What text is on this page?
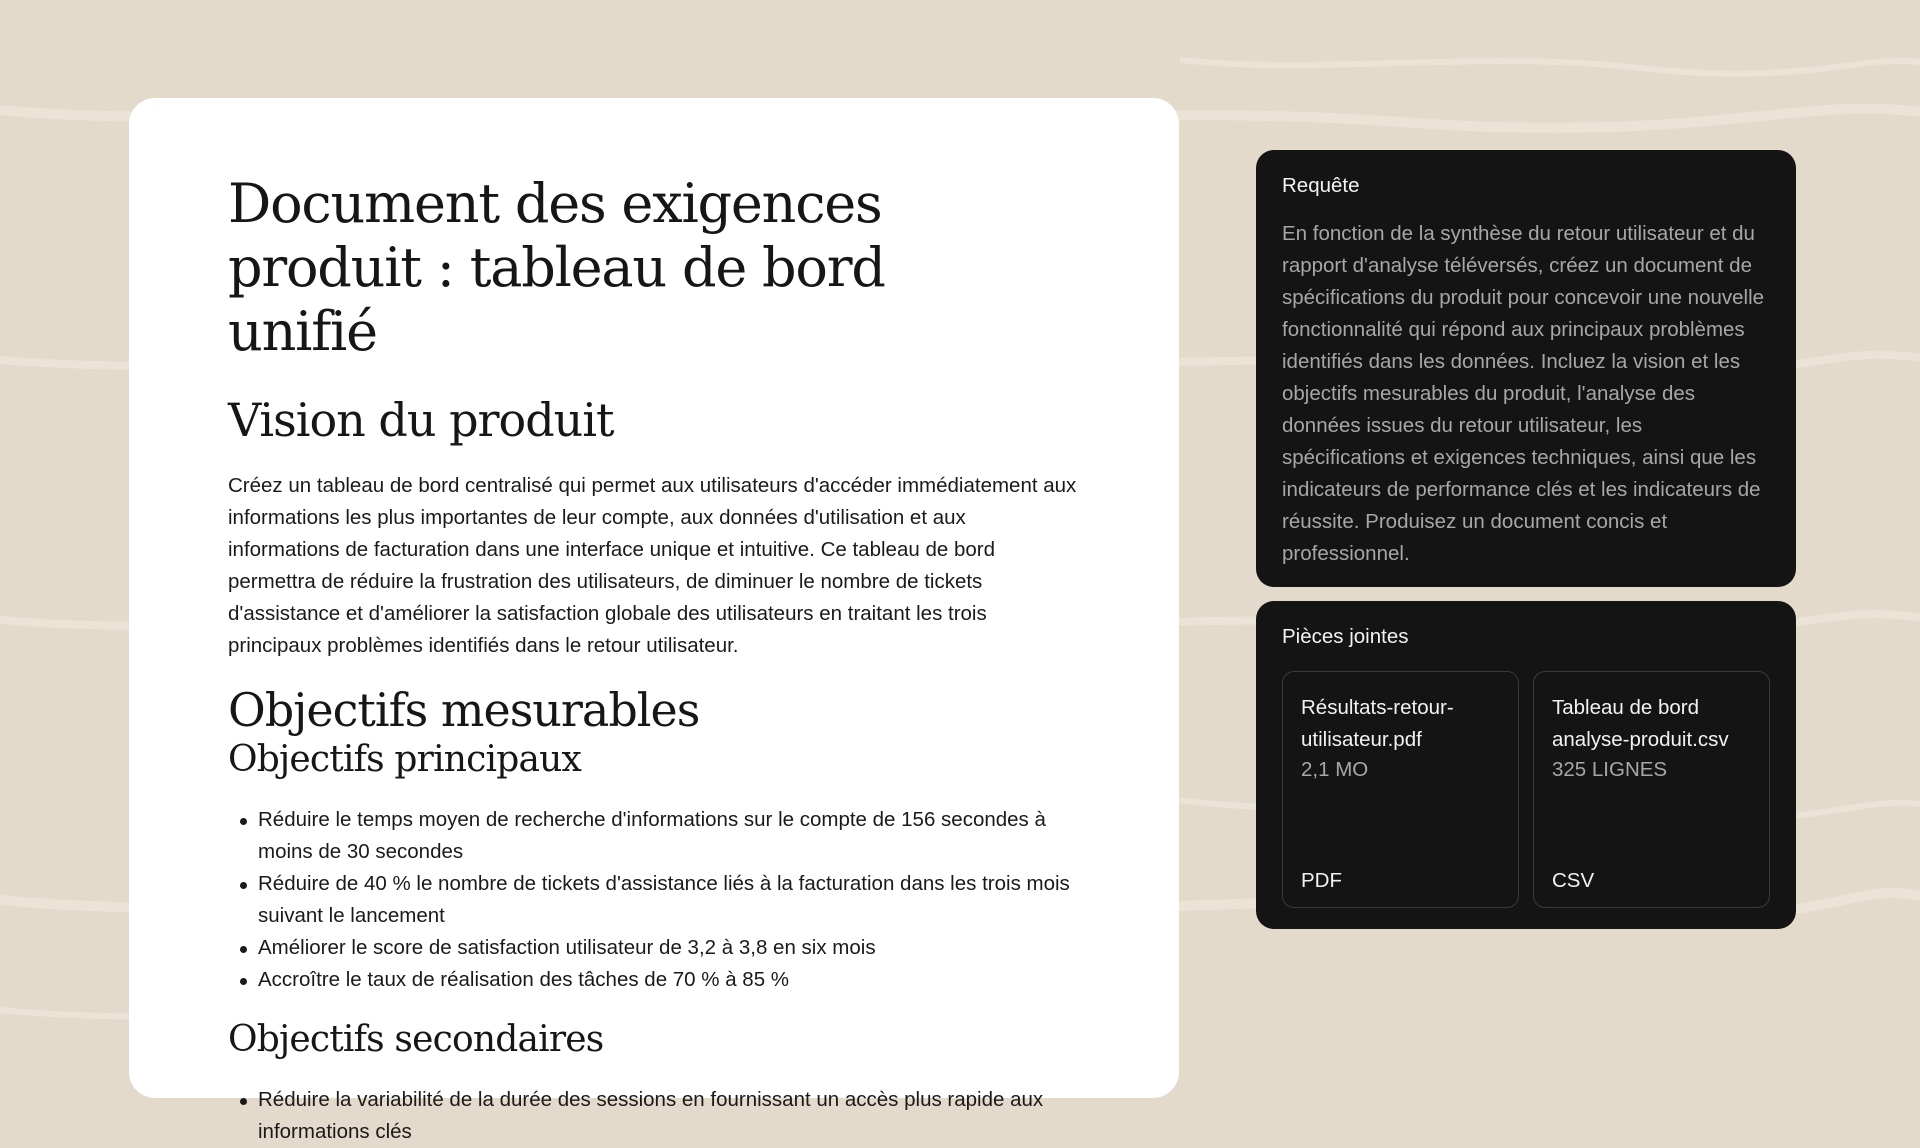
Document des exigences produit : tableau de bord unifié
Vision du produit

Créez un tableau de bord centralisé qui permet aux utilisateurs d'accéder immédiatement aux informations les plus importantes de leur compte, aux données d'utilisation et aux informations de facturation dans une interface unique et intuitive. Ce tableau de bord permettra de réduire la frustration des utilisateurs, de diminuer le nombre de tickets d'assistance et d'améliorer la satisfaction globale des utilisateurs en traitant les trois principaux problèmes identifiés dans le retour utilisateur.

Objectifs mesurables
Objectifs principaux
Réduire le temps moyen de recherche d'informations sur le compte de 156 secondes à moins de 30 secondes
Réduire de 40 % le nombre de tickets d'assistance liés à la facturation dans les trois mois suivant le lancement
Améliorer le score de satisfaction utilisateur de 3,2 à 3,8 en six mois
Accroître le taux de réalisation des tâches de 70 % à 85 %
Objectifs secondaires
Réduire la variabilité de la durée des sessions en fournissant un accès plus rapide aux informations clés
Requête

En fonction de la synthèse du retour utilisateur et du rapport d'analyse téléversés, créez un document de spécifications du produit pour concevoir une nouvelle fonctionnalité qui répond aux principaux problèmes identifiés dans les données. Incluez la vision et les objectifs mesurables du produit, l'analyse des données issues du retour utilisateur, les spécifications et exigences techniques, ainsi que les indicateurs de performance clés et les indicateurs de réussite. Produisez un document concis et professionnel.

Pièces jointes
Résultats-retour-utilisateur.pdf
2,1 MO
PDF
Tableau de bord analyse-produit.csv
325 LIGNES
CSV
